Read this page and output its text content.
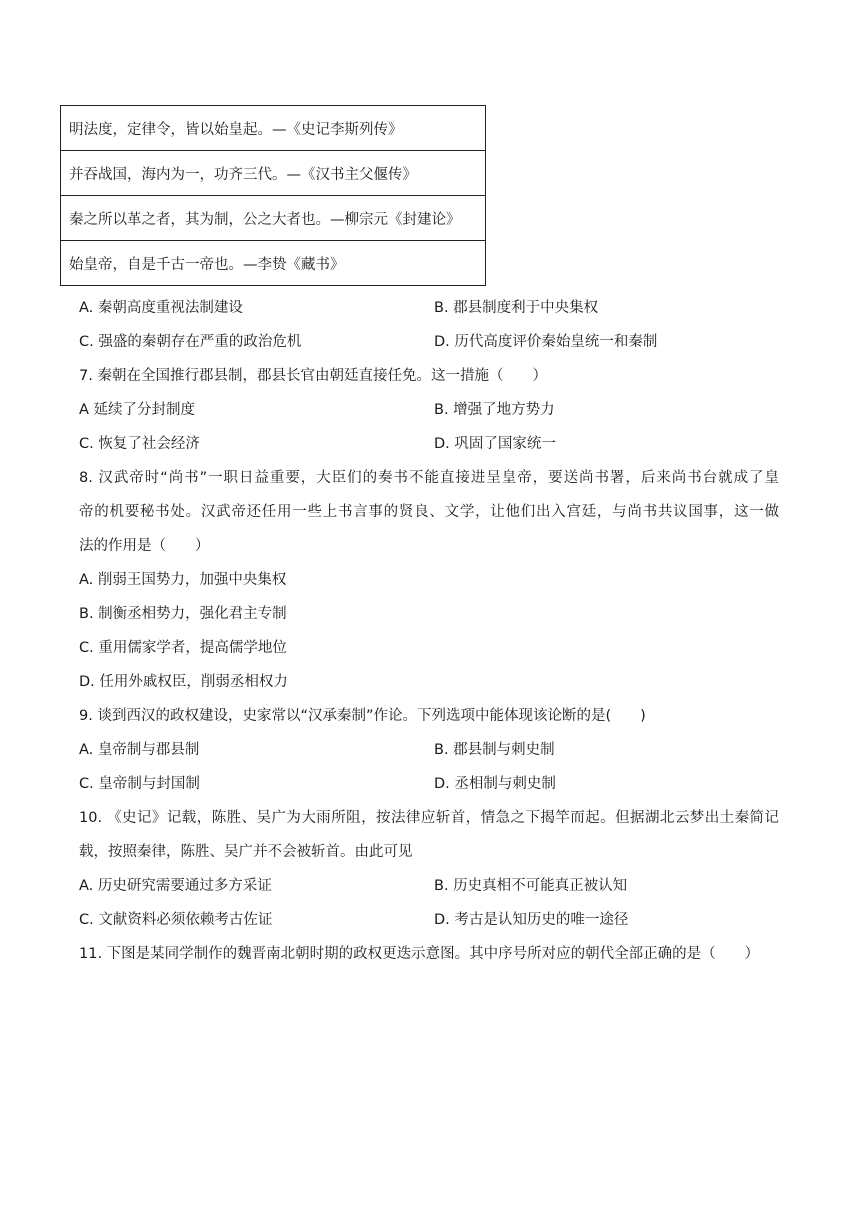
明法度，定律令，皆以始皇起。—《史记李斯列传》
并吞战国，海内为一，功齐三代。—《汉书主父偃传》
秦之所以革之者，其为制，公之大者也。—柳宗元《封建论》
始皇帝，自是千古一帝也。—李贽《藏书》
A. 秦朝高度重视法制建设	B. 郡县制度利于中央集权
C. 强盛的秦朝存在严重的政治危机	D. 历代高度评价秦始皇统一和秦制
7. 秦朝在全国推行郡县制，郡县长官由朝廷直接任免。这一措施（　　）
A 延续了分封制度	B. 增强了地方势力
C. 恢复了社会经济	D. 巩固了国家统一
8. 汉武帝时“尚书”一职日益重要，大臣们的奏书不能直接进呈皇帝，要送尚书署，后来尚书台就成了皇
帝的机要秘书处。汉武帝还任用一些上书言事的贤良、文学，让他们出入宫廷，与尚书共议国事，这一做
法的作用是（　　）
A. 削弱王国势力，加强中央集权
B. 制衡丞相势力，强化君主专制
C. 重用儒家学者，提高儒学地位
D. 任用外戚权臣，削弱丞相权力
9. 谈到西汉的政权建设，史家常以“汉承秦制”作论。下列选项中能体现该论断的是(　　)
A. 皇帝制与郡县制	B. 郡县制与刺史制
C. 皇帝制与封国制	D. 丞相制与刺史制
10. 《史记》记载，陈胜、吴广为大雨所阻，按法律应斩首，情急之下揭竿而起。但据湖北云梦出土秦简记
载，按照秦律，陈胜、吴广并不会被斩首。由此可见
A. 历史研究需要通过多方采证	B. 历史真相不可能真正被认知
C. 文献资料必须依赖考古佐证	D. 考古是认知历史的唯一途径
11. 下图是某同学制作的魏晋南北朝时期的政权更迭示意图。其中序号所对应的朝代全部正确的是（　　）
